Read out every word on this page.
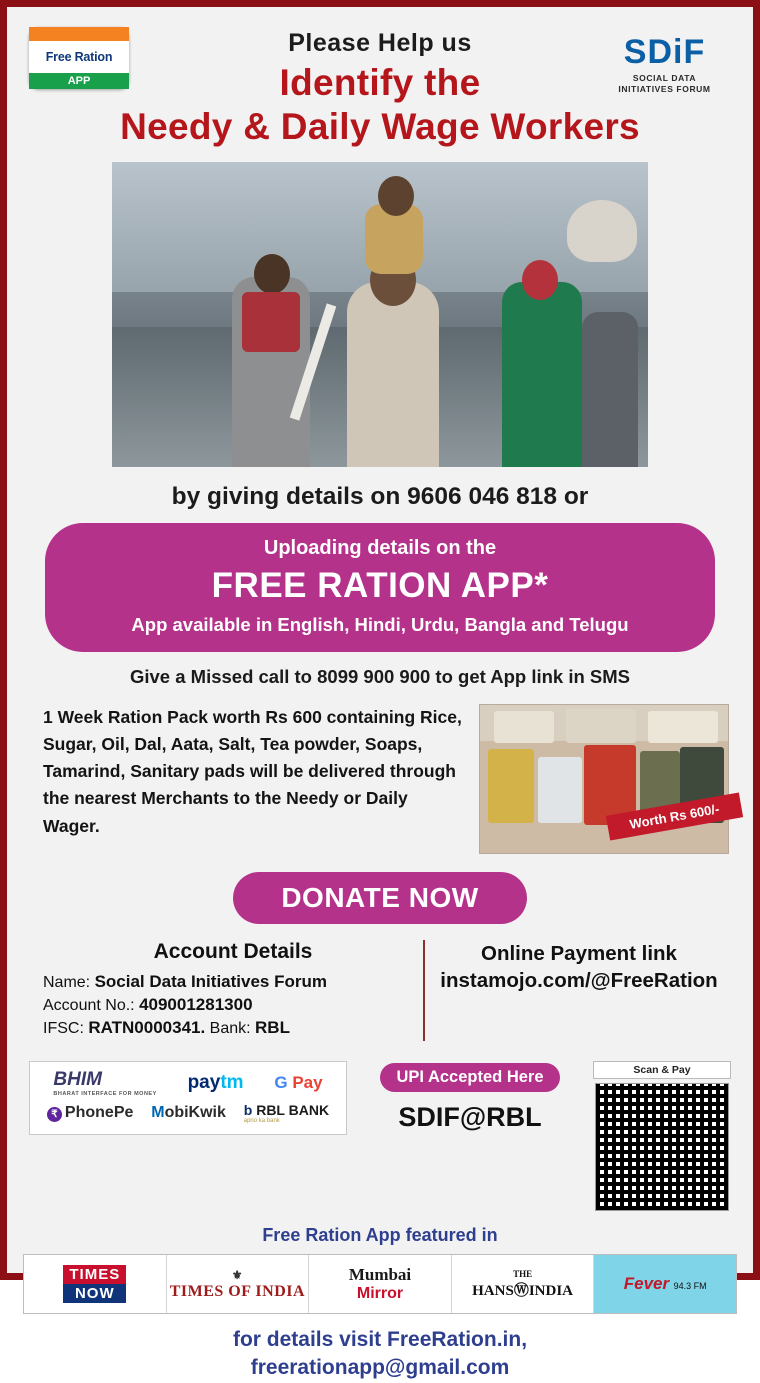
Free Ration
APP
Please Help us
Identify the
Needy & Daily Wage Workers
SDiF
SOCIAL DATA
INITIATIVES FORUM
by giving details on 9606 046 818 or
Uploading details on the
FREE RATION APP*
App available in English, Hindi, Urdu, Bangla and Telugu
Give a Missed call to 8099 900 900 to get App link in SMS
1 Week Ration Pack worth Rs 600 containing Rice, Sugar, Oil, Dal, Aata, Salt, Tea powder, Soaps, Tamarind, Sanitary pads will be delivered through the nearest Merchants to the Needy or Daily Wager.	Worth Rs 600/-
DONATE NOW
Account Details
Name: Social Data Initiatives Forum
Account No.: 409001281300
IFSC: RATN0000341. Bank: RBL
Online Payment link
instamojo.com/@FreeRation
BHIM
BHARAT INTERFACE FOR MONEY
paytm G Pay
₹ PhonePe MobiKwik b RBL BANK
apno ka bank
UPI Accepted Here
SDIF@RBL
Scan & Pay
Free Ration App featured in
TIMES
NOW
⚜
TIMES OF INDIA
Mumbai
Mirror
THE
HANSⓌINDIA	Fever 94.3 FM
for details visit FreeRation.in,
freerationapp@gmail.com
